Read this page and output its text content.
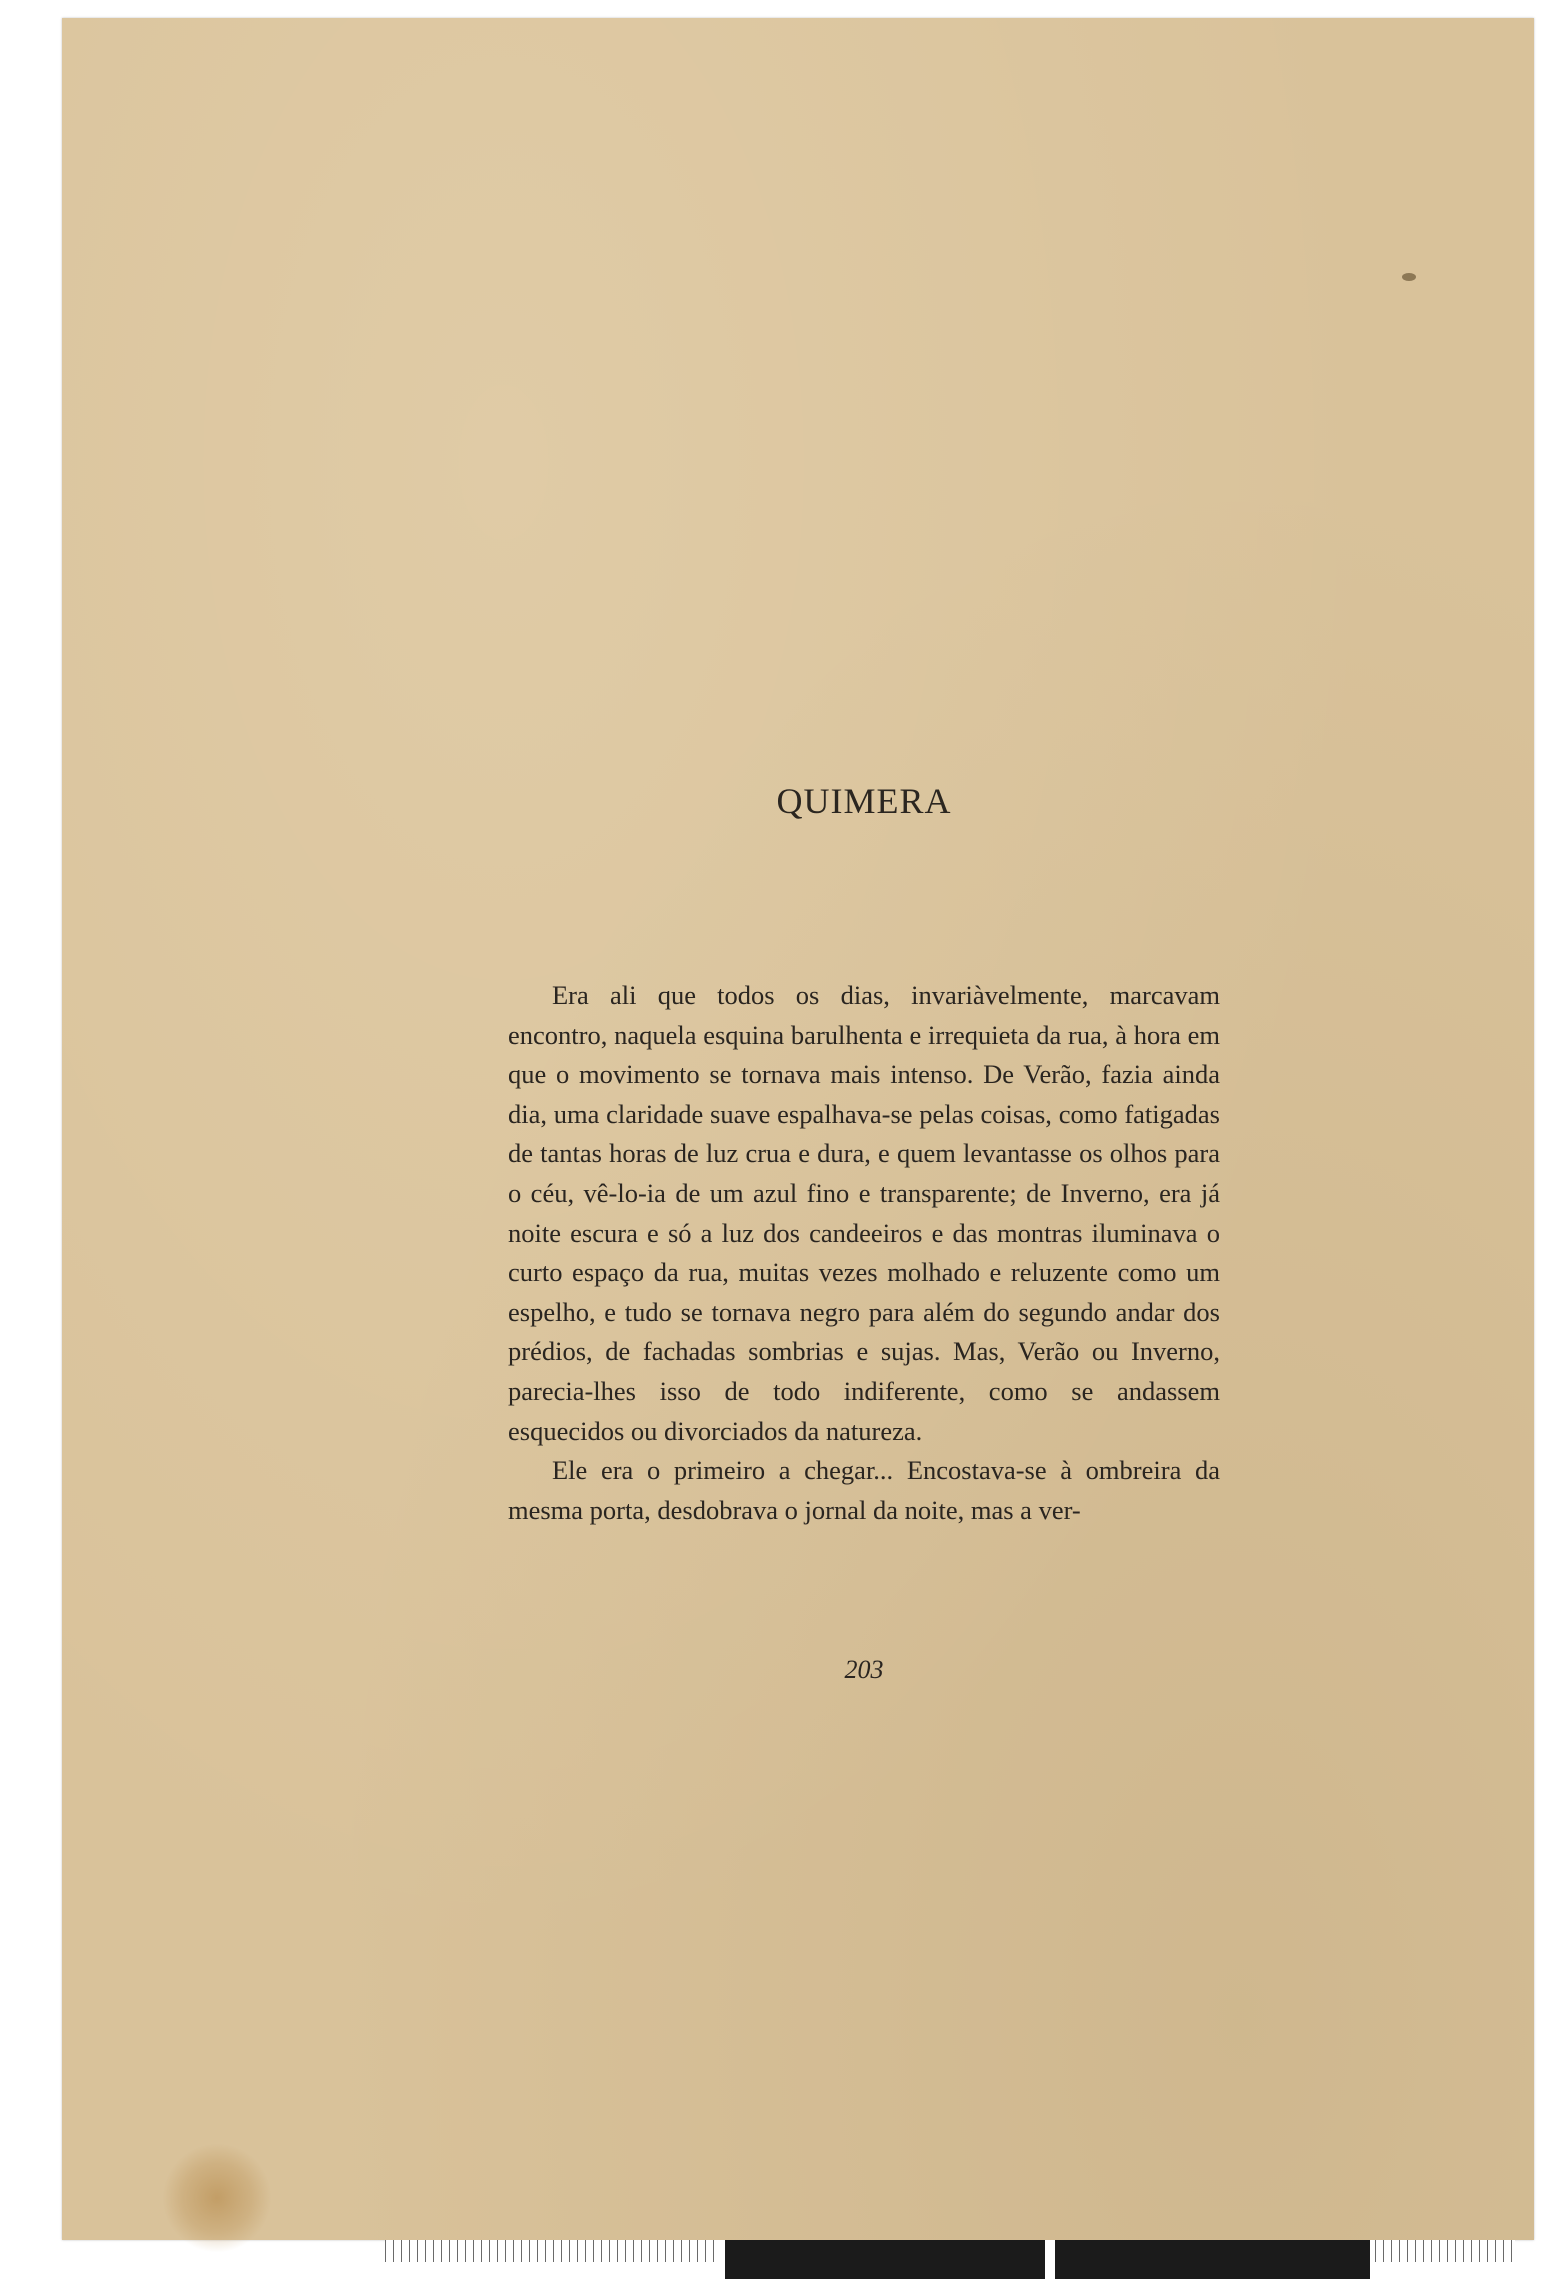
QUIMERA

Era ali que todos os dias, invariàvelmente, marcavam encontro, naquela esquina barulhenta e irrequieta da rua, à hora em que o movimento se tornava mais intenso. De Verão, fazia ainda dia, uma claridade suave espalhava-se pelas coisas, como fatigadas de tantas horas de luz crua e dura, e quem levantasse os olhos para o céu, vê-lo-ia de um azul fino e transparente; de Inverno, era já noite escura e só a luz dos candeeiros e das montras iluminava o curto espaço da rua, muitas vezes molhado e reluzente como um espelho, e tudo se tornava negro para além do segundo andar dos prédios, de fachadas sombrias e sujas. Mas, Verão ou Inverno, parecia-lhes isso de todo indiferente, como se andassem esquecidos ou divorciados da natureza.

Ele era o primeiro a chegar... Encostava-se à ombreira da mesma porta, desdobrava o jornal da noite, mas a ver-

203
